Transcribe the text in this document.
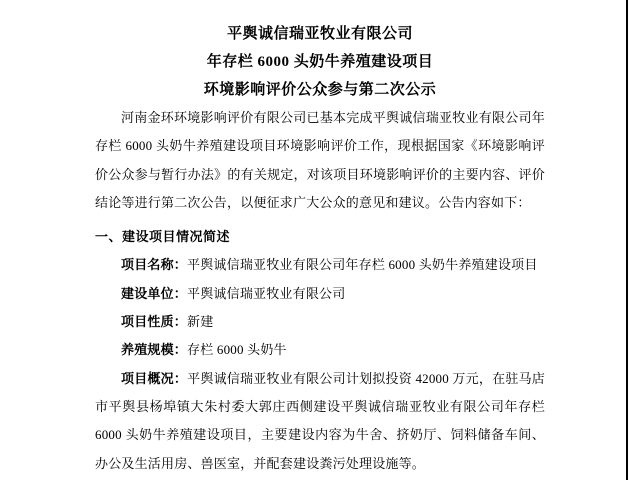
平舆诚信瑞亚牧业有限公司
年存栏 6000 头奶牛养殖建设项目
环境影响评价公众参与第二次公示

河南金环环境影响评价有限公司已基本完成平舆诚信瑞亚牧业有限公司年存栏 6000 头奶牛养殖建设项目环境影响评价工作，现根据国家《环境影响评价公众参与暂行办法》的有关规定，对该项目环境影响评价的主要内容、评价结论等进行第二次公告，以便征求广大公众的意见和建议。公告内容如下：

一、建设项目情况简述

项目名称：平舆诚信瑞亚牧业有限公司年存栏 6000 头奶牛养殖建设项目

建设单位：平舆诚信瑞亚牧业有限公司

项目性质：新建

养殖规模：存栏 6000 头奶牛

项目概况：平舆诚信瑞亚牧业有限公司计划拟投资 42000 万元，在驻马店市平舆县杨埠镇大朱村委大郭庄西侧建设平舆诚信瑞亚牧业有限公司年存栏 6000 头奶牛养殖建设项目，主要建设内容为牛舍、挤奶厅、饲料储备车间、办公及生活用房、兽医室，并配套建设粪污处理设施等。
